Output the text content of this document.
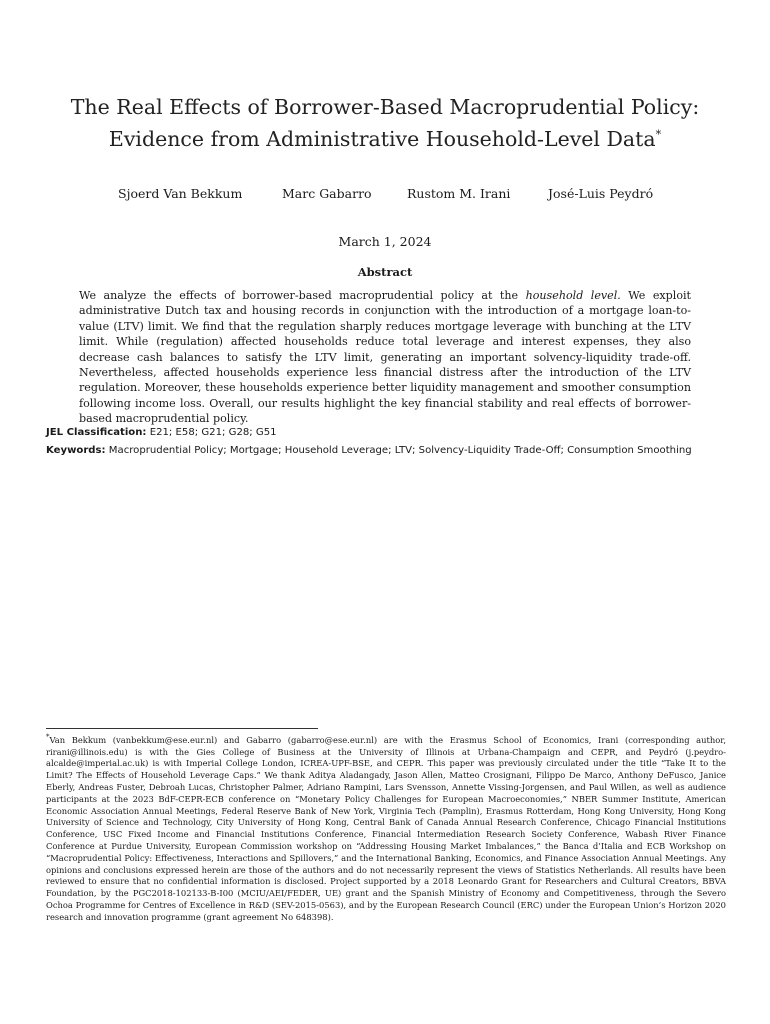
The Real Effects of Borrower-Based Macroprudential Policy:
Evidence from Administrative Household-Level Data*
Sjoerd Van Bekkum	Marc Gabarro	Rustom M. Irani	José-Luis Peydró
March 1, 2024
Abstract
We analyze the effects of borrower-based macroprudential policy at the household level. We exploit administrative Dutch tax and housing records in conjunction with the introduction of a mortgage loan-to-value (LTV) limit. We find that the regulation sharply reduces mortgage leverage with bunching at the LTV limit. While (regulation) affected households reduce total leverage and interest expenses, they also decrease cash balances to satisfy the LTV limit, generating an important solvency-liquidity trade-off. Nevertheless, affected households experience less financial distress after the introduction of the LTV regulation. Moreover, these households experience better liquidity management and smoother consumption following income loss. Overall, our results highlight the key financial stability and real effects of borrower-based macroprudential policy.
JEL Classification: E21; E58; G21; G28; G51
Keywords: Macroprudential Policy; Mortgage; Household Leverage; LTV; Solvency-Liquidity Trade-Off; Consumption Smoothing
*Van Bekkum (vanbekkum@ese.eur.nl) and Gabarro (gabarro@ese.eur.nl) are with the Erasmus School of Economics, Irani (corresponding author, rirani@illinois.edu) is with the Gies College of Business at the University of Illinois at Urbana-Champaign and CEPR, and Peydró (j.peydro-alcalde@imperial.ac.uk) is with Imperial College London, ICREA-UPF-BSE, and CEPR. This paper was previously circulated under the title “Take It to the Limit? The Effects of Household Leverage Caps.” We thank Aditya Aladangady, Jason Allen, Matteo Crosignani, Filippo De Marco, Anthony DeFusco, Janice Eberly, Andreas Fuster, Debroah Lucas, Christopher Palmer, Adriano Rampini, Lars Svensson, Annette Vissing-Jorgensen, and Paul Willen, as well as audience participants at the 2023 BdF-CEPR-ECB conference on “Monetary Policy Challenges for European Macroeconomies,” NBER Summer Institute, American Economic Association Annual Meetings, Federal Reserve Bank of New York, Virginia Tech (Pamplin), Erasmus Rotterdam, Hong Kong University, Hong Kong University of Science and Technology, City University of Hong Kong, Central Bank of Canada Annual Research Conference, Chicago Financial Institutions Conference, USC Fixed Income and Financial Institutions Conference, Financial Intermediation Research Society Conference, Wabash River Finance Conference at Purdue University, European Commission workshop on “Addressing Housing Market Imbalances,” the Banca d’Italia and ECB Workshop on “Macroprudential Policy: Effectiveness, Interactions and Spillovers,” and the International Banking, Economics, and Finance Association Annual Meetings. Any opinions and conclusions expressed herein are those of the authors and do not necessarily represent the views of Statistics Netherlands. All results have been reviewed to ensure that no confidential information is disclosed. Project supported by a 2018 Leonardo Grant for Researchers and Cultural Creators, BBVA Foundation, by the PGC2018-102133-B-I00 (MCIU/AEI/FEDER, UE) grant and the Spanish Ministry of Economy and Competitiveness, through the Severo Ochoa Programme for Centres of Excellence in R&D (SEV-2015-0563), and by the European Research Council (ERC) under the European Union’s Horizon 2020 research and innovation programme (grant agreement No 648398).
